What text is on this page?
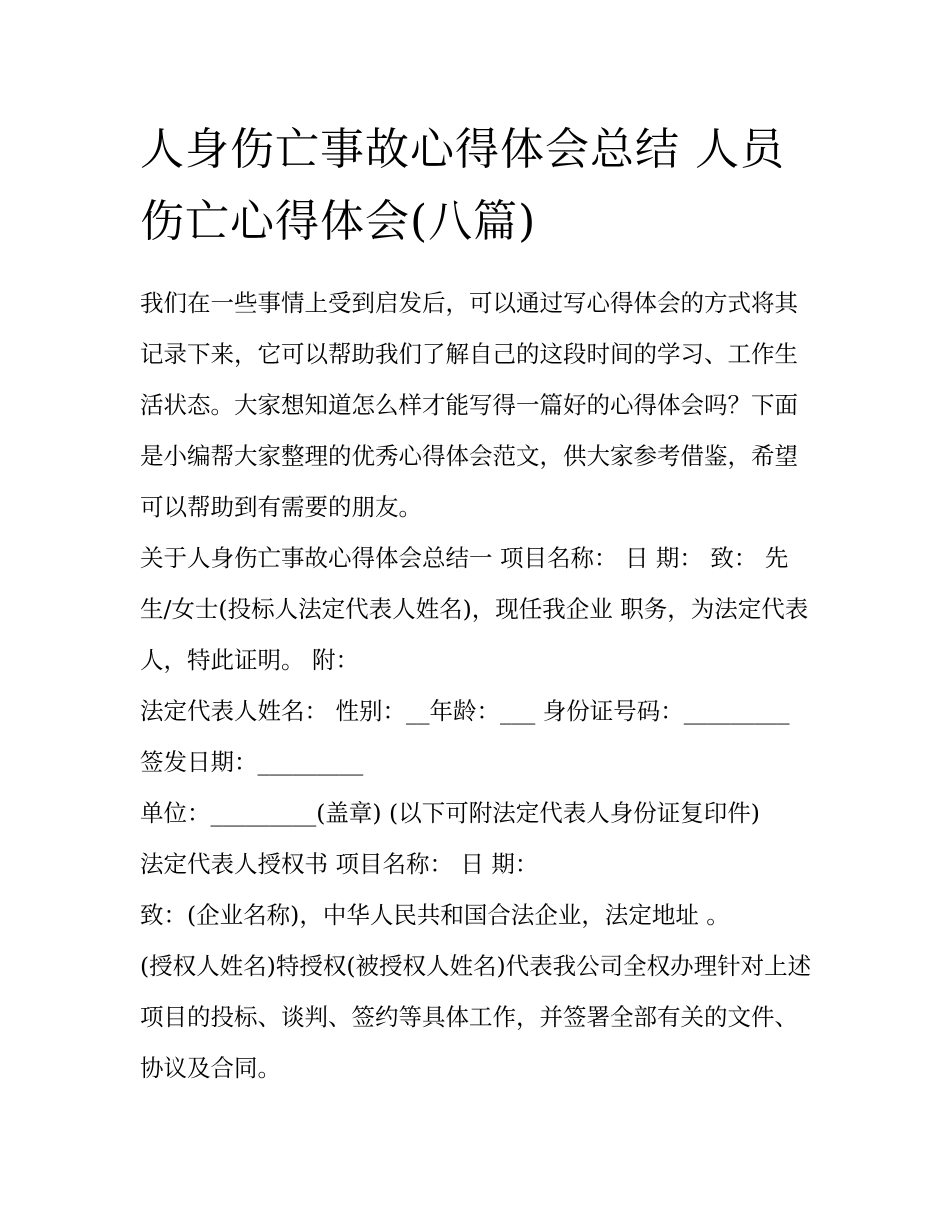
人身伤亡事故心得体会总结 人员伤亡心得体会(八篇)

我们在一些事情上受到启发后，可以通过写心得体会的方式将其记录下来，它可以帮助我们了解自己的这段时间的学习、工作生活状态。大家想知道怎么样才能写得一篇好的心得体会吗？下面是小编帮大家整理的优秀心得体会范文，供大家参考借鉴，希望可以帮助到有需要的朋友。

关于人身伤亡事故心得体会总结一 项目名称： 日 期： 致： 先生/女士(投标人法定代表人姓名)，现任我企业 职务，为法定代表人，特此证明。 附：

法定代表人姓名： 性别：__年龄：___ 身份证号码：_________ 签发日期：_________

单位：_________(盖章) (以下可附法定代表人身份证复印件)

法定代表人授权书 项目名称： 日 期：

致：(企业名称)，中华人民共和国合法企业，法定地址 。

(授权人姓名)特授权(被授权人姓名)代表我公司全权办理针对上述项目的投标、谈判、签约等具体工作，并签署全部有关的文件、协议及合同。
